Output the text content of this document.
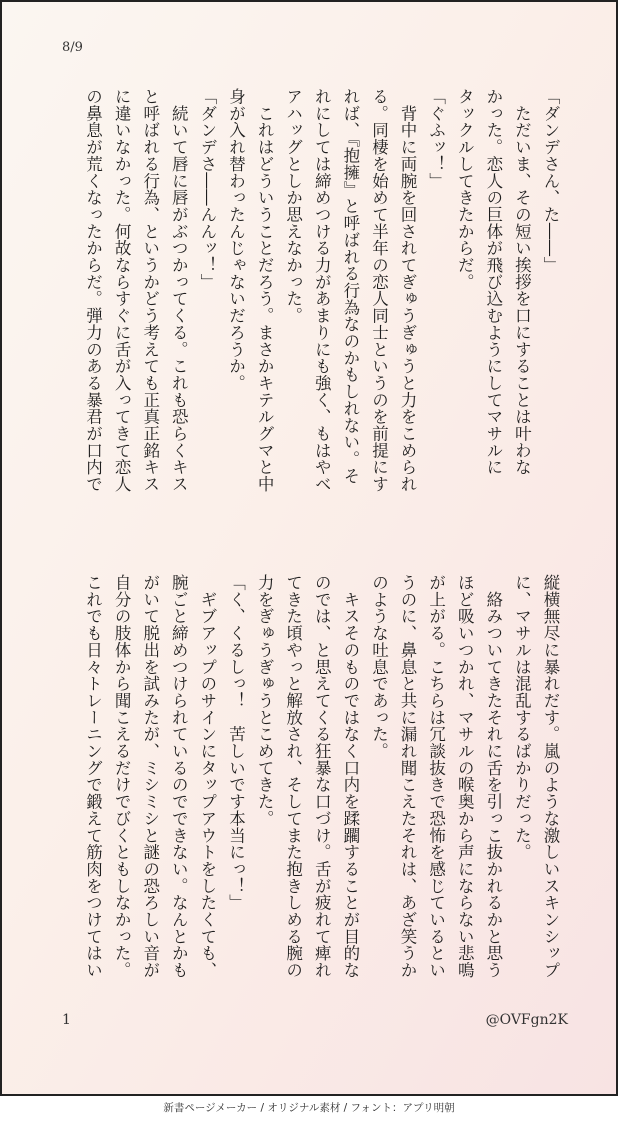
8/9
「ダンデさん、た――」
　ただいま、その短い挨拶を口にすることは叶わな
かった。恋人の巨体が飛び込むようにしてマサルに
タックルしてきたからだ。
「ぐふッ！」
　背中に両腕を回されてぎゅうぎゅうと力をこめられ
る。同棲を始めて半年の恋人同士というのを前提にす
れば、『抱擁』と呼ばれる行為なのかもしれない。そ
れにしては締めつける力があまりにも強く、もはやベ
アハッグとしか思えなかった。
　これはどういうことだろう。まさかキテルグマと中
身が入れ替わったんじゃないだろうか。
「ダンデさ――んんッ！」
　続いて唇に唇がぶつかってくる。これも恐らくキス
と呼ばれる行為、というかどう考えても正真正銘キス
に違いなかった。何故ならすぐに舌が入ってきて恋人
の鼻息が荒くなったからだ。弾力のある暴君が口内で
縦横無尽に暴れだす。嵐のような激しいスキンシップ
に、マサルは混乱するばかりだった。
　絡みついてきたそれに舌を引っこ抜かれるかと思う
ほど吸いつかれ、マサルの喉奥から声にならない悲鳴
が上がる。こちらは冗談抜きで恐怖を感じているとい
うのに、鼻息と共に漏れ聞こえたそれは、あざ笑うか
のような吐息であった。
　キスそのものではなく口内を蹂躙することが目的な
のでは、と思えてくる狂暴な口づけ。舌が疲れて痺れ
てきた頃やっと解放され、そしてまた抱きしめる腕の
力をぎゅうぎゅうとこめてきた。
「く、くるしっ！　苦しいです本当にっ！」
　ギブアップのサインにタップアウトをしたくても、
腕ごと締めつけられているのでできない。なんとかも
がいて脱出を試みたが、ミシミシと謎の恐ろしい音が
自分の肢体から聞こえるだけでびくともしなかった。
これでも日々トレーニングで鍛えて筋肉をつけてはい
1	@OVFgn2K
新書ページメーカー / オリジナル素材 / フォント：アプリ明朝
